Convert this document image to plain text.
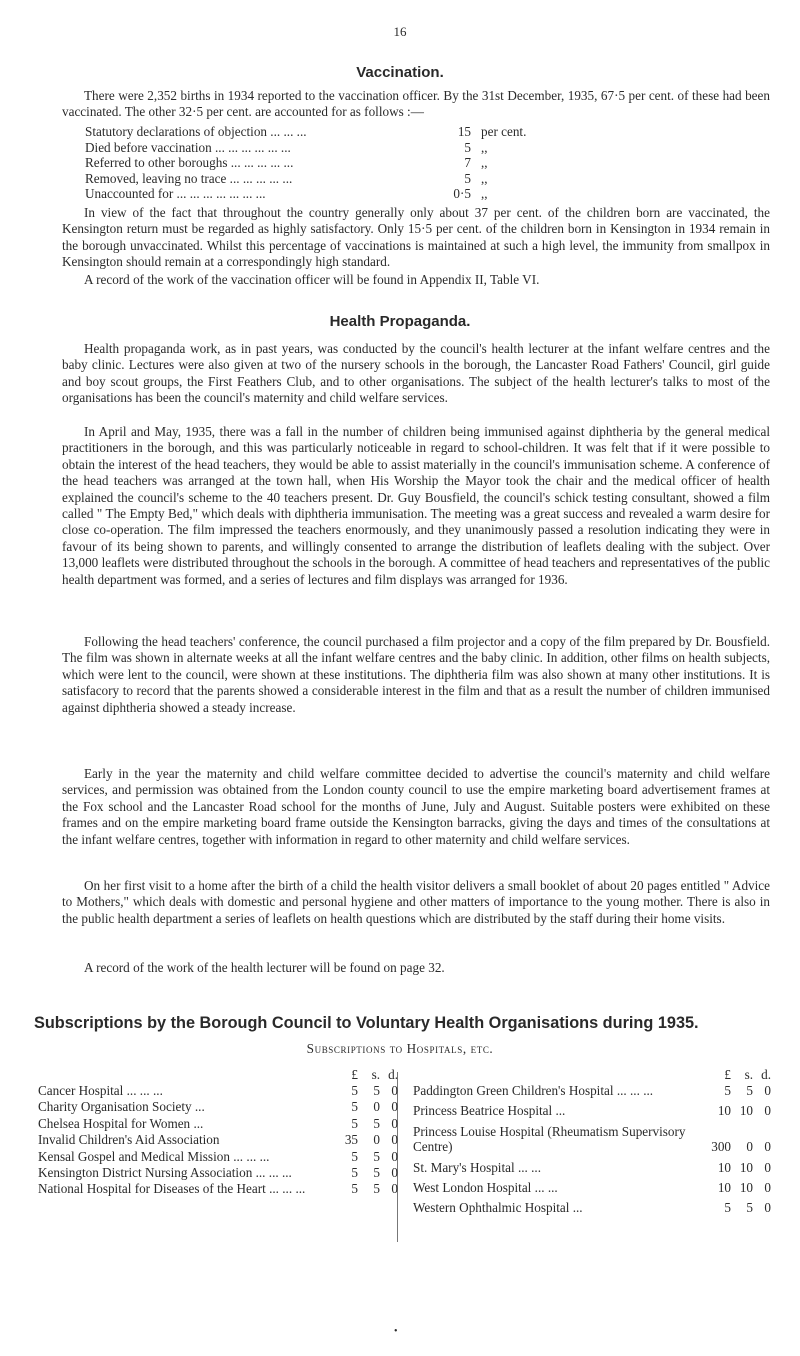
16
Vaccination.

There were 2,352 births in 1934 reported to the vaccination officer. By the 31st December, 1935, 67·5 per cent. of these had been vaccinated. The other 32·5 per cent. are accounted for as follows :—

Statutory declarations of objection ... ... ...	15 per cent.
Died before vaccination ... ... ... ... ... ...	5 ,,
Referred to other boroughs ... ... ... ... ...	7 ,,
Removed, leaving no trace ... ... ... ... ...	5 ,,
Unaccounted for ... ... ... ... ... ... ...	0·5 ,,

In view of the fact that throughout the country generally only about 37 per cent. of the children born are vaccinated, the Kensington return must be regarded as highly satisfactory. Only 15·5 per cent. of the children born in Kensington in 1934 remain in the borough unvaccinated. Whilst this percentage of vaccinations is maintained at such a high level, the immunity from smallpox in Kensington should remain at a correspondingly high standard.

A record of the work of the vaccination officer will be found in Appendix II, Table VI.

Health Propaganda.

Health propaganda work, as in past years, was conducted by the council's health lecturer at the infant welfare centres and the baby clinic. Lectures were also given at two of the nursery schools in the borough, the Lancaster Road Fathers' Council, girl guide and boy scout groups, the First Feathers Club, and to other organisations. The subject of the health lecturer's talks to most of the organisations has been the council's maternity and child welfare services.

In April and May, 1935, there was a fall in the number of children being immunised against diphtheria by the general medical practitioners in the borough, and this was particularly noticeable in regard to school-children. It was felt that if it were possible to obtain the interest of the head teachers, they would be able to assist materially in the council's immunisation scheme. A conference of the head teachers was arranged at the town hall, when His Worship the Mayor took the chair and the medical officer of health explained the council's scheme to the 40 teachers present. Dr. Guy Bousfield, the council's schick testing consultant, showed a film called " The Empty Bed," which deals with diphtheria immunisation. The meeting was a great success and revealed a warm desire for close co-operation. The film impressed the teachers enormously, and they unanimously passed a resolution indicating they were in favour of its being shown to parents, and willingly consented to arrange the distribution of leaflets dealing with the subject. Over 13,000 leaflets were distributed throughout the schools in the borough. A committee of head teachers and representatives of the public health department was formed, and a series of lectures and film displays was arranged for 1936.

Following the head teachers' conference, the council purchased a film projector and a copy of the film prepared by Dr. Bousfield. The film was shown in alternate weeks at all the infant welfare centres and the baby clinic. In addition, other films on health subjects, which were lent to the council, were shown at these institutions. The diphtheria film was also shown at many other institutions. It is satisfacory to record that the parents showed a considerable interest in the film and that as a result the number of children immunised against diphtheria showed a steady increase.

Early in the year the maternity and child welfare committee decided to advertise the council's maternity and child welfare services, and permission was obtained from the London county council to use the empire marketing board advertisement frames at the Fox school and the Lancaster Road school for the months of June, July and August. Suitable posters were exhibited on these frames and on the empire marketing board frame outside the Kensington barracks, giving the days and times of the consultations at the infant welfare centres, together with information in regard to other maternity and child welfare services.

On her first visit to a home after the birth of a child the health visitor delivers a small booklet of about 20 pages entitled " Advice to Mothers," which deals with domestic and personal hygiene and other matters of importance to the young mother. There is also in the public health department a series of leaflets on health questions which are distributed by the staff during their home visits.

A record of the work of the health lecturer will be found on page 32.

Subscriptions by the Borough Council to Voluntary Health Organisations during 1935.
Subscriptions to Hospitals, etc.
£	s. d.
Cancer Hospital ... ... ...	5	5 0
Charity Organisation Society ...	5	0 0
Chelsea Hospital for Women ...	5	5 0
Invalid Children's Aid Association	35	0 0
Kensal Gospel and Medical Mission ... ... ...	5	5 0
Kensington District Nursing Association ... ... ...	5	5 0
National Hospital for Diseases of the Heart ... ... ...	5	5 0
£	s. d.
Paddington Green Children's Hospital ... ... ...	5	5 0
Princess Beatrice Hospital ...	10 10 0
Princess Louise Hospital (Rheumatism Supervisory Centre)	300	0 0
St. Mary's Hospital ... ...	10 10 0
West London Hospital ... ...	10 10 0
Western Ophthalmic Hospital ...	5	5 0
•
